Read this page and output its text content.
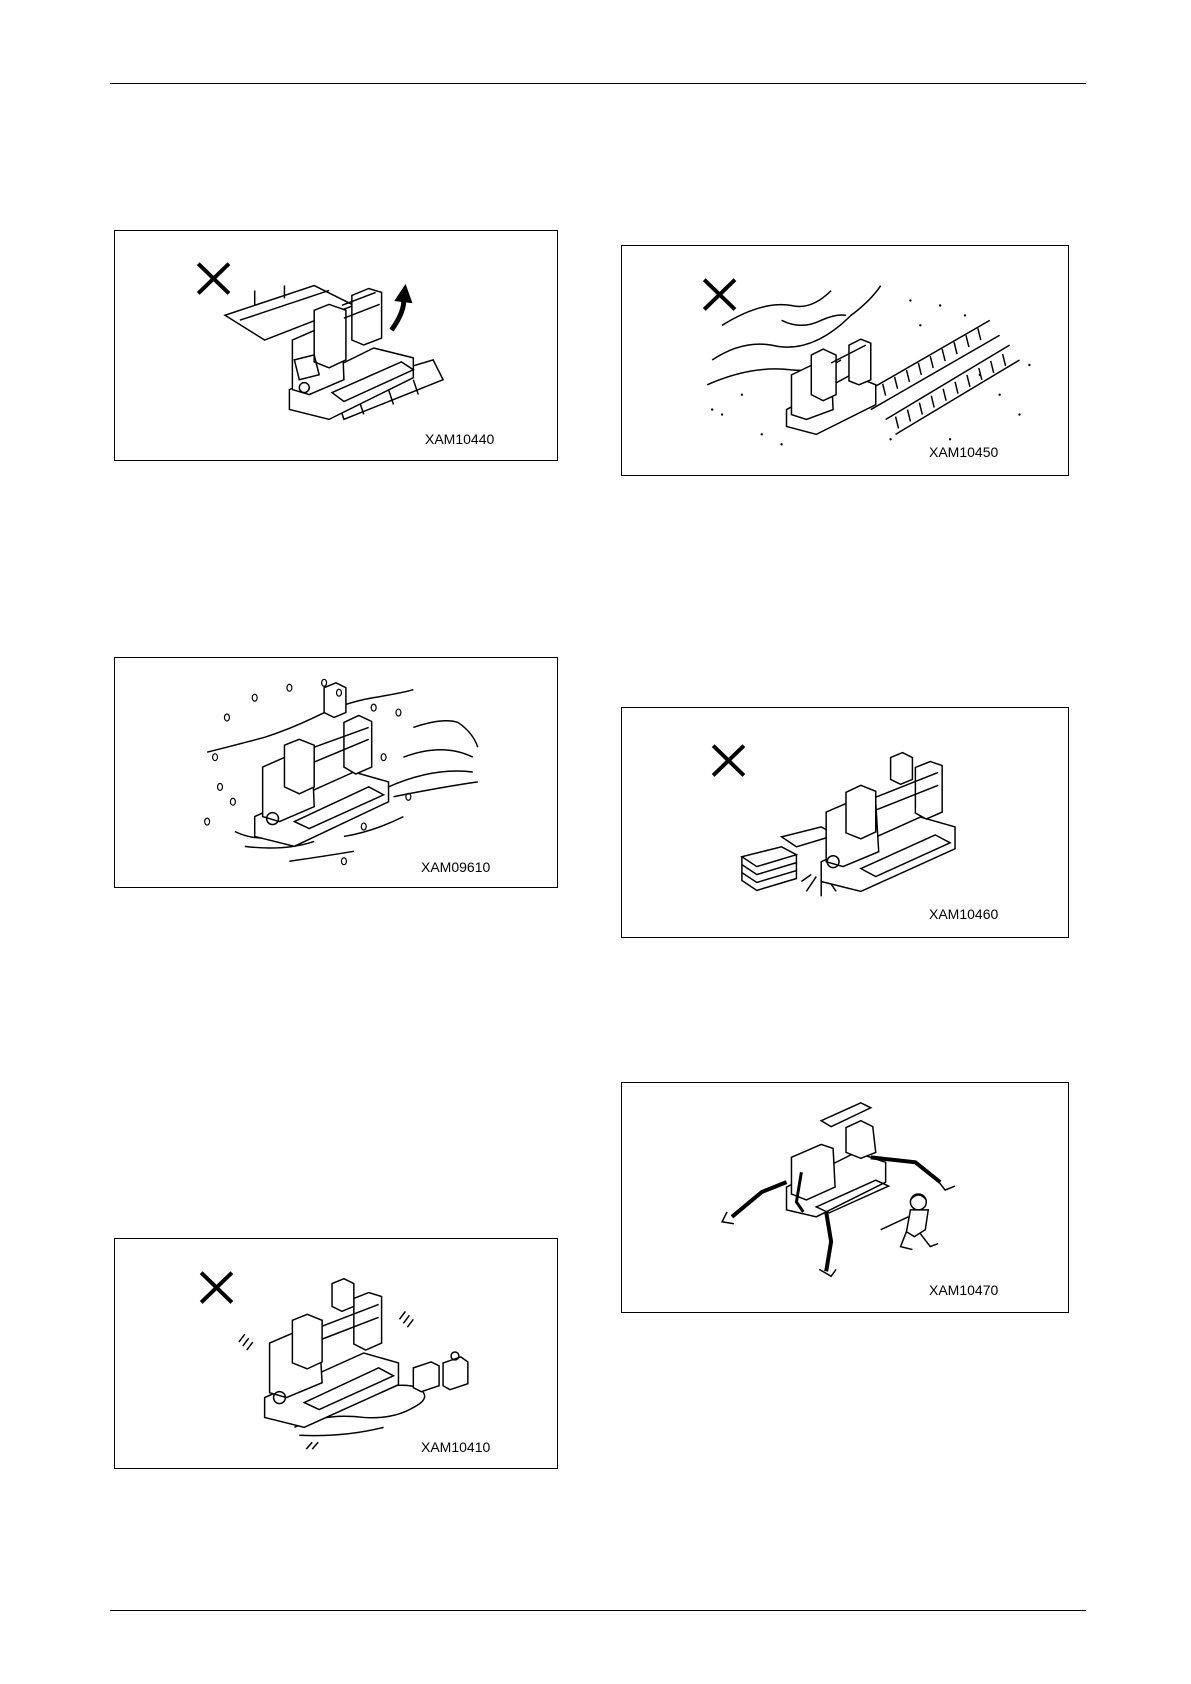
XAM10440
XAM10450
XAM09610
XAM10460
XAM10410
XAM10470
